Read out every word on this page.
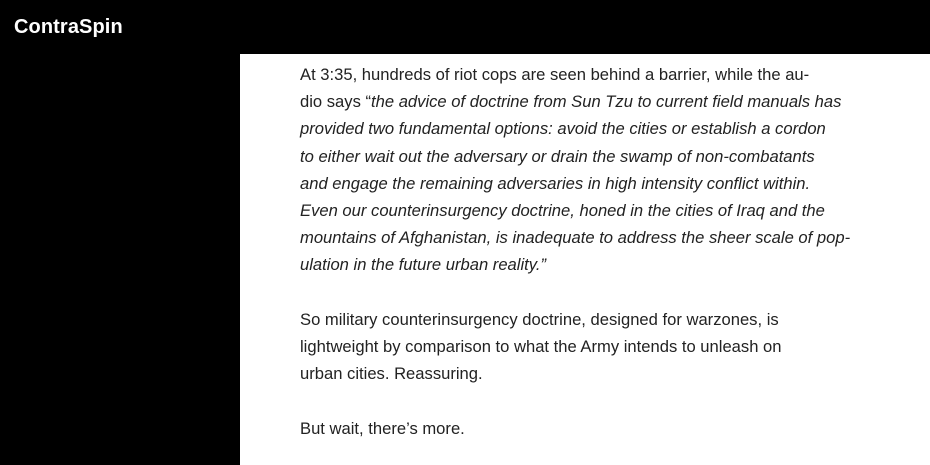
ContraSpin

At 3:35, hundreds of riot cops are seen behind a barrier, while the au-
dio says “the advice of doctrine from Sun Tzu to current field manuals has
provided two fundamental options: avoid the cities or establish a cordon
to either wait out the adversary or drain the swamp of non-combatants
and engage the remaining adversaries in high intensity conflict within.
Even our counterinsurgency doctrine, honed in the cities of Iraq and the
mountains of Afghanistan, is inadequate to address the sheer scale of pop-
ulation in the future urban reality.”

So military counterinsurgency doctrine, designed for warzones, is
lightweight by comparison to what the Army intends to unleash on
urban cities. Reassuring.

But wait, there’s more.
